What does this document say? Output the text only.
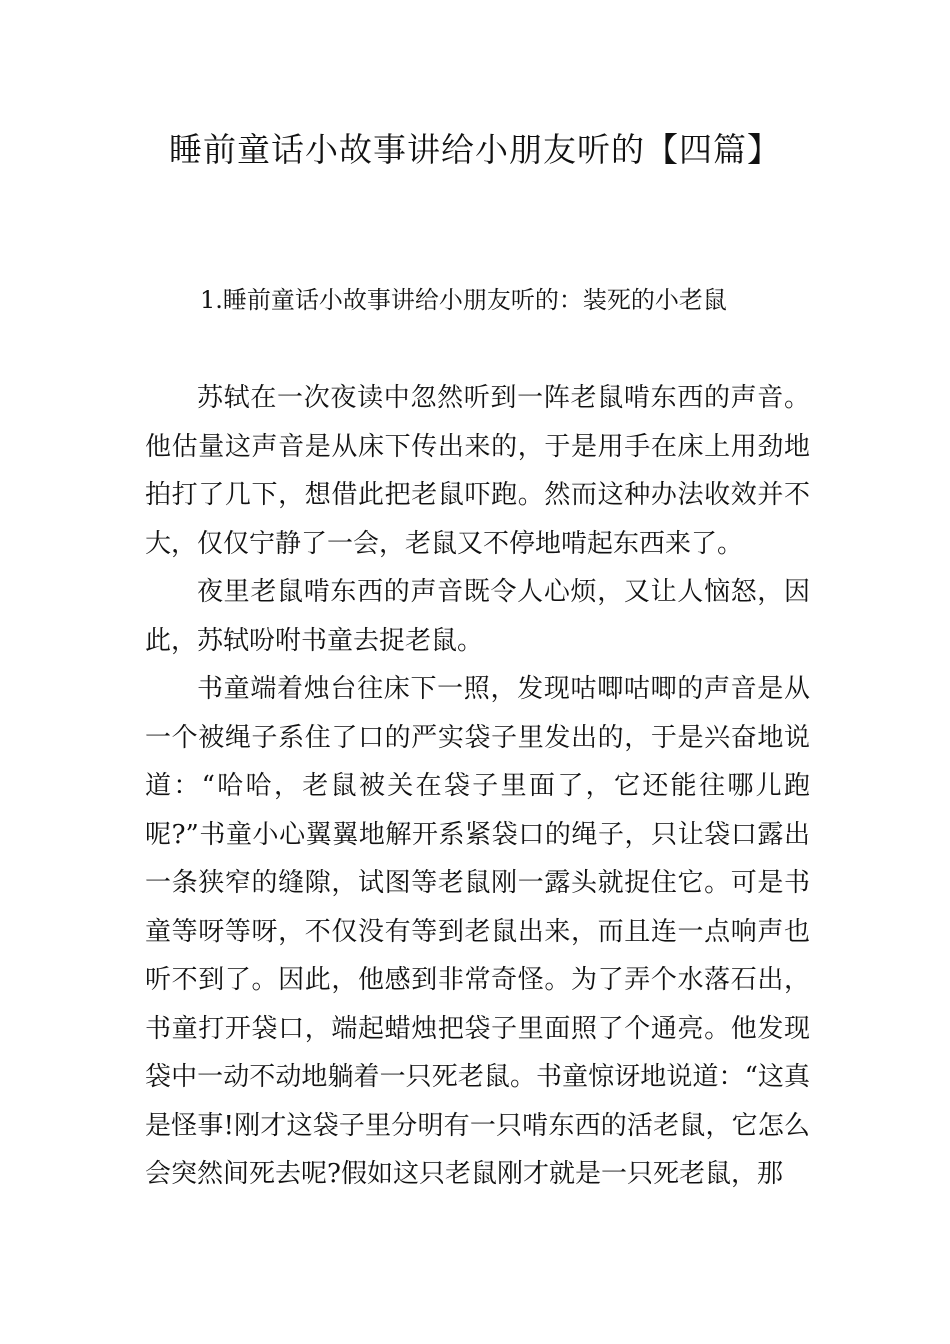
睡前童话小故事讲给小朋友听的【四篇】
1.睡前童话小故事讲给小朋友听的：装死的小老鼠

苏轼在一次夜读中忽然听到一阵老鼠啃东西的声音。他估量这声音是从床下传出来的，于是用手在床上用劲地拍打了几下，想借此把老鼠吓跑。然而这种办法收效并不大，仅仅宁静了一会，老鼠又不停地啃起东西来了。

夜里老鼠啃东西的声音既令人心烦，又让人恼怒，因此，苏轼吩咐书童去捉老鼠。

书童端着烛台往床下一照，发现咕唧咕唧的声音是从一个被绳子系住了口的严实袋子里发出的，于是兴奋地说道：“哈哈，老鼠被关在袋子里面了，它还能往哪儿跑呢?”书童小心翼翼地解开系紧袋口的绳子，只让袋口露出一条狭窄的缝隙，试图等老鼠刚一露头就捉住它。可是书童等呀等呀，不仅没有等到老鼠出来，而且连一点响声也听不到了。因此，他感到非常奇怪。为了弄个水落石出，书童打开袋口，端起蜡烛把袋子里面照了个通亮。他发现袋中一动不动地躺着一只死老鼠。书童惊讶地说道：“这真是怪事!刚才这袋子里分明有一只啃东西的活老鼠，它怎么会突然间死去呢?假如这只老鼠刚才就是一只死老鼠，那
